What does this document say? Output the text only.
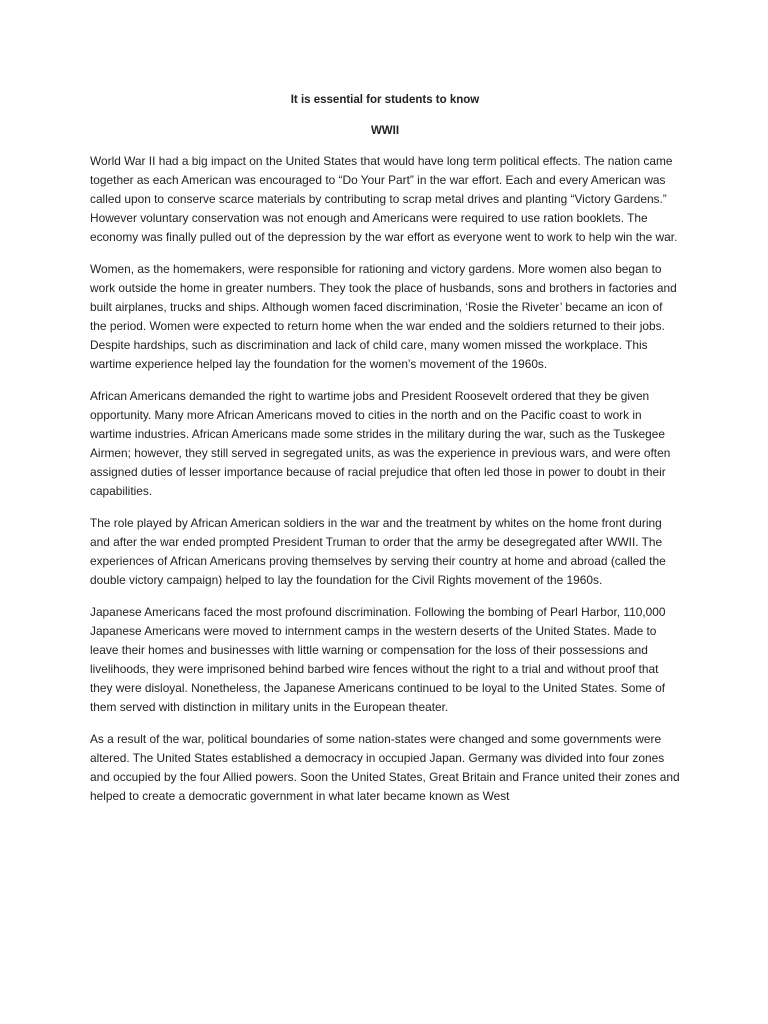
It is essential for students to know

WWII

World War II had a big impact on the United States that would have long term political effects. The nation came together as each American was encouraged to “Do Your Part” in the war effort. Each and every American was called upon to conserve scarce materials by contributing to scrap metal drives and planting “Victory Gardens.” However voluntary conservation was not enough and Americans were required to use ration booklets. The economy was finally pulled out of the depression by the war effort as everyone went to work to help win the war.

Women, as the homemakers, were responsible for rationing and victory gardens. More women also began to work outside the home in greater numbers. They took the place of husbands, sons and brothers in factories and built airplanes, trucks and ships. Although women faced discrimination, ‘Rosie the Riveter’ became an icon of the period. Women were expected to return home when the war ended and the soldiers returned to their jobs. Despite hardships, such as discrimination and lack of child care, many women missed the workplace. This wartime experience helped lay the foundation for the women’s movement of the 1960s.

African Americans demanded the right to wartime jobs and President Roosevelt ordered that they be given opportunity. Many more African Americans moved to cities in the north and on the Pacific coast to work in wartime industries. African Americans made some strides in the military during the war, such as the Tuskegee Airmen; however, they still served in segregated units, as was the experience in previous wars, and were often assigned duties of lesser importance because of racial prejudice that often led those in power to doubt in their capabilities.

The role played by African American soldiers in the war and the treatment by whites on the home front during and after the war ended prompted President Truman to order that the army be desegregated after WWII. The experiences of African Americans proving themselves by serving their country at home and abroad (called the double victory campaign) helped to lay the foundation for the Civil Rights movement of the 1960s.

Japanese Americans faced the most profound discrimination. Following the bombing of Pearl Harbor, 110,000 Japanese Americans were moved to internment camps in the western deserts of the United States. Made to leave their homes and businesses with little warning or compensation for the loss of their possessions and livelihoods, they were imprisoned behind barbed wire fences without the right to a trial and without proof that they were disloyal. Nonetheless, the Japanese Americans continued to be loyal to the United States. Some of them served with distinction in military units in the European theater.

As a result of the war, political boundaries of some nation-states were changed and some governments were altered. The United States established a democracy in occupied Japan. Germany was divided into four zones and occupied by the four Allied powers. Soon the United States, Great Britain and France united their zones and helped to create a democratic government in what later became known as West
